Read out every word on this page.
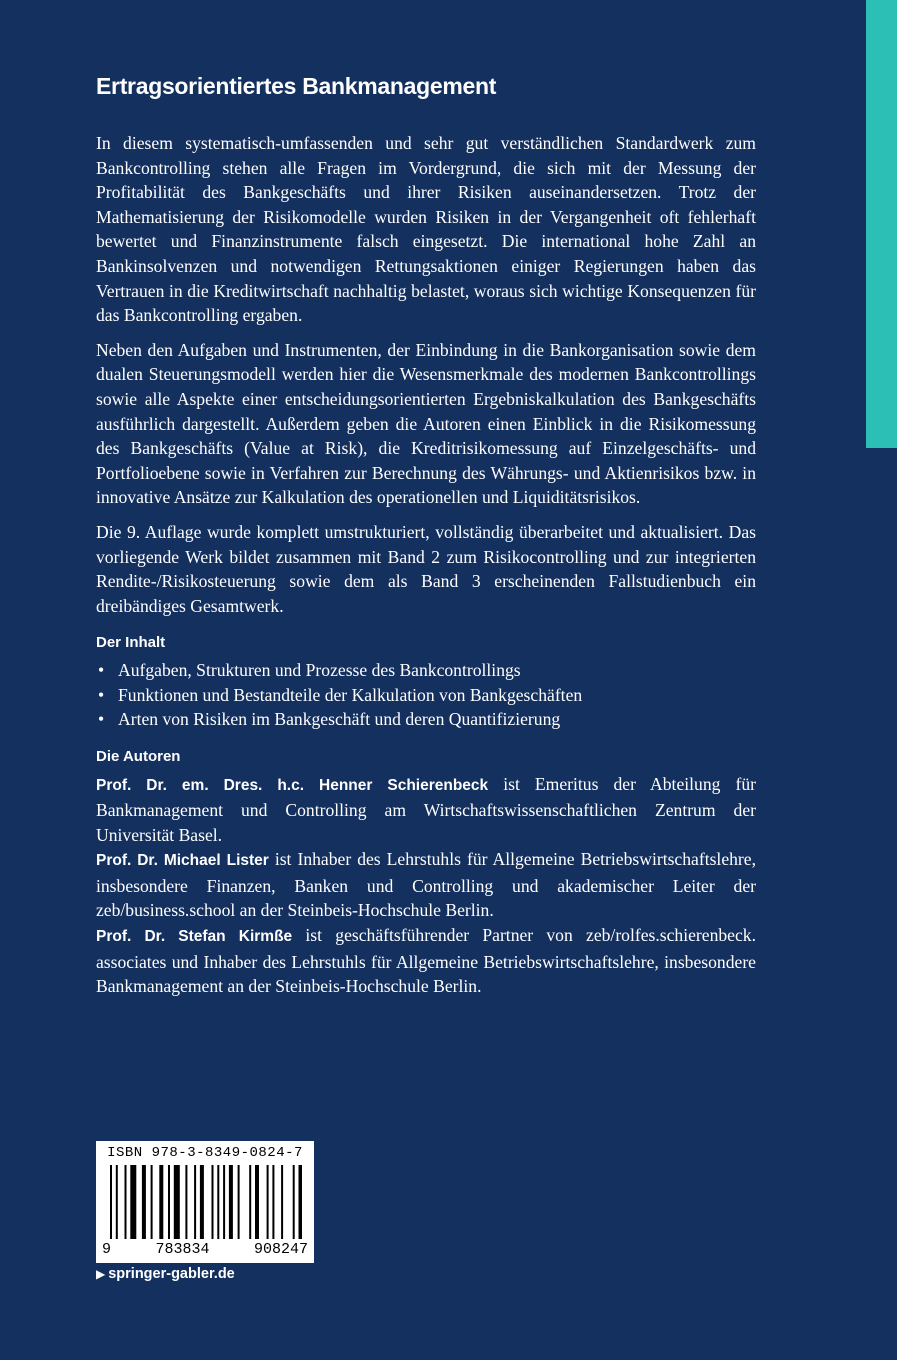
Ertragsorientiertes Bankmanagement

In diesem systematisch-umfassenden und sehr gut verständlichen Standardwerk zum Bankcontrolling stehen alle Fragen im Vordergrund, die sich mit der Messung der Profitabilität des Bankgeschäfts und ihrer Risiken auseinandersetzen. Trotz der Mathematisierung der Risikomodelle wurden Risiken in der Vergangenheit oft fehlerhaft bewertet und Finanzinstrumente falsch eingesetzt. Die international hohe Zahl an Bankinsolvenzen und notwendigen Rettungsaktionen einiger Regierungen haben das Vertrauen in die Kreditwirtschaft nachhaltig belastet, woraus sich wichtige Konsequenzen für das Bankcontrolling ergaben.

Neben den Aufgaben und Instrumenten, der Einbindung in die Bankorganisation sowie dem dualen Steuerungsmodell werden hier die Wesensmerkmale des modernen Bankcontrollings sowie alle Aspekte einer entscheidungsorientierten Ergebniskalkulation des Bankgeschäfts ausführlich dargestellt. Außerdem geben die Autoren einen Einblick in die Risikomessung des Bankgeschäfts (Value at Risk), die Kreditrisikomessung auf Einzelgeschäfts- und Portfolioebene sowie in Verfahren zur Berechnung des Währungs- und Aktienrisikos bzw. in innovative Ansätze zur Kalkulation des operationellen und Liquiditätsrisikos.

Die 9. Auflage wurde komplett umstrukturiert, vollständig überarbeitet und aktualisiert. Das vorliegende Werk bildet zusammen mit Band 2 zum Risikocontrolling und zur integrierten Rendite-/Risikosteuerung sowie dem als Band 3 erscheinenden Fallstudienbuch ein dreibändiges Gesamtwerk.

Der Inhalt
• Aufgaben, Strukturen und Prozesse des Bankcontrollings
• Funktionen und Bestandteile der Kalkulation von Bankgeschäften
• Arten von Risiken im Bankgeschäft und deren Quantifizierung
Die Autoren

Prof. Dr. em. Dres. h.c. Henner Schierenbeck ist Emeritus der Abteilung für Bankmanagement und Controlling am Wirtschaftswissenschaftlichen Zentrum der Universität Basel.

Prof. Dr. Michael Lister ist Inhaber des Lehrstuhls für Allgemeine Betriebswirtschaftslehre, insbesondere Finanzen, Banken und Controlling und akademischer Leiter der zeb/business.school an der Steinbeis-Hochschule Berlin.

Prof. Dr. Stefan Kirmße ist geschäftsführender Partner von zeb/rolfes.schierenbeck. associates und Inhaber des Lehrstuhls für Allgemeine Betriebswirtschaftslehre, insbesondere Bankmanagement an der Steinbeis-Hochschule Berlin.

ISBN 978-3-8349-0824-7
9	783834	908247
▶ springer-gabler.de
